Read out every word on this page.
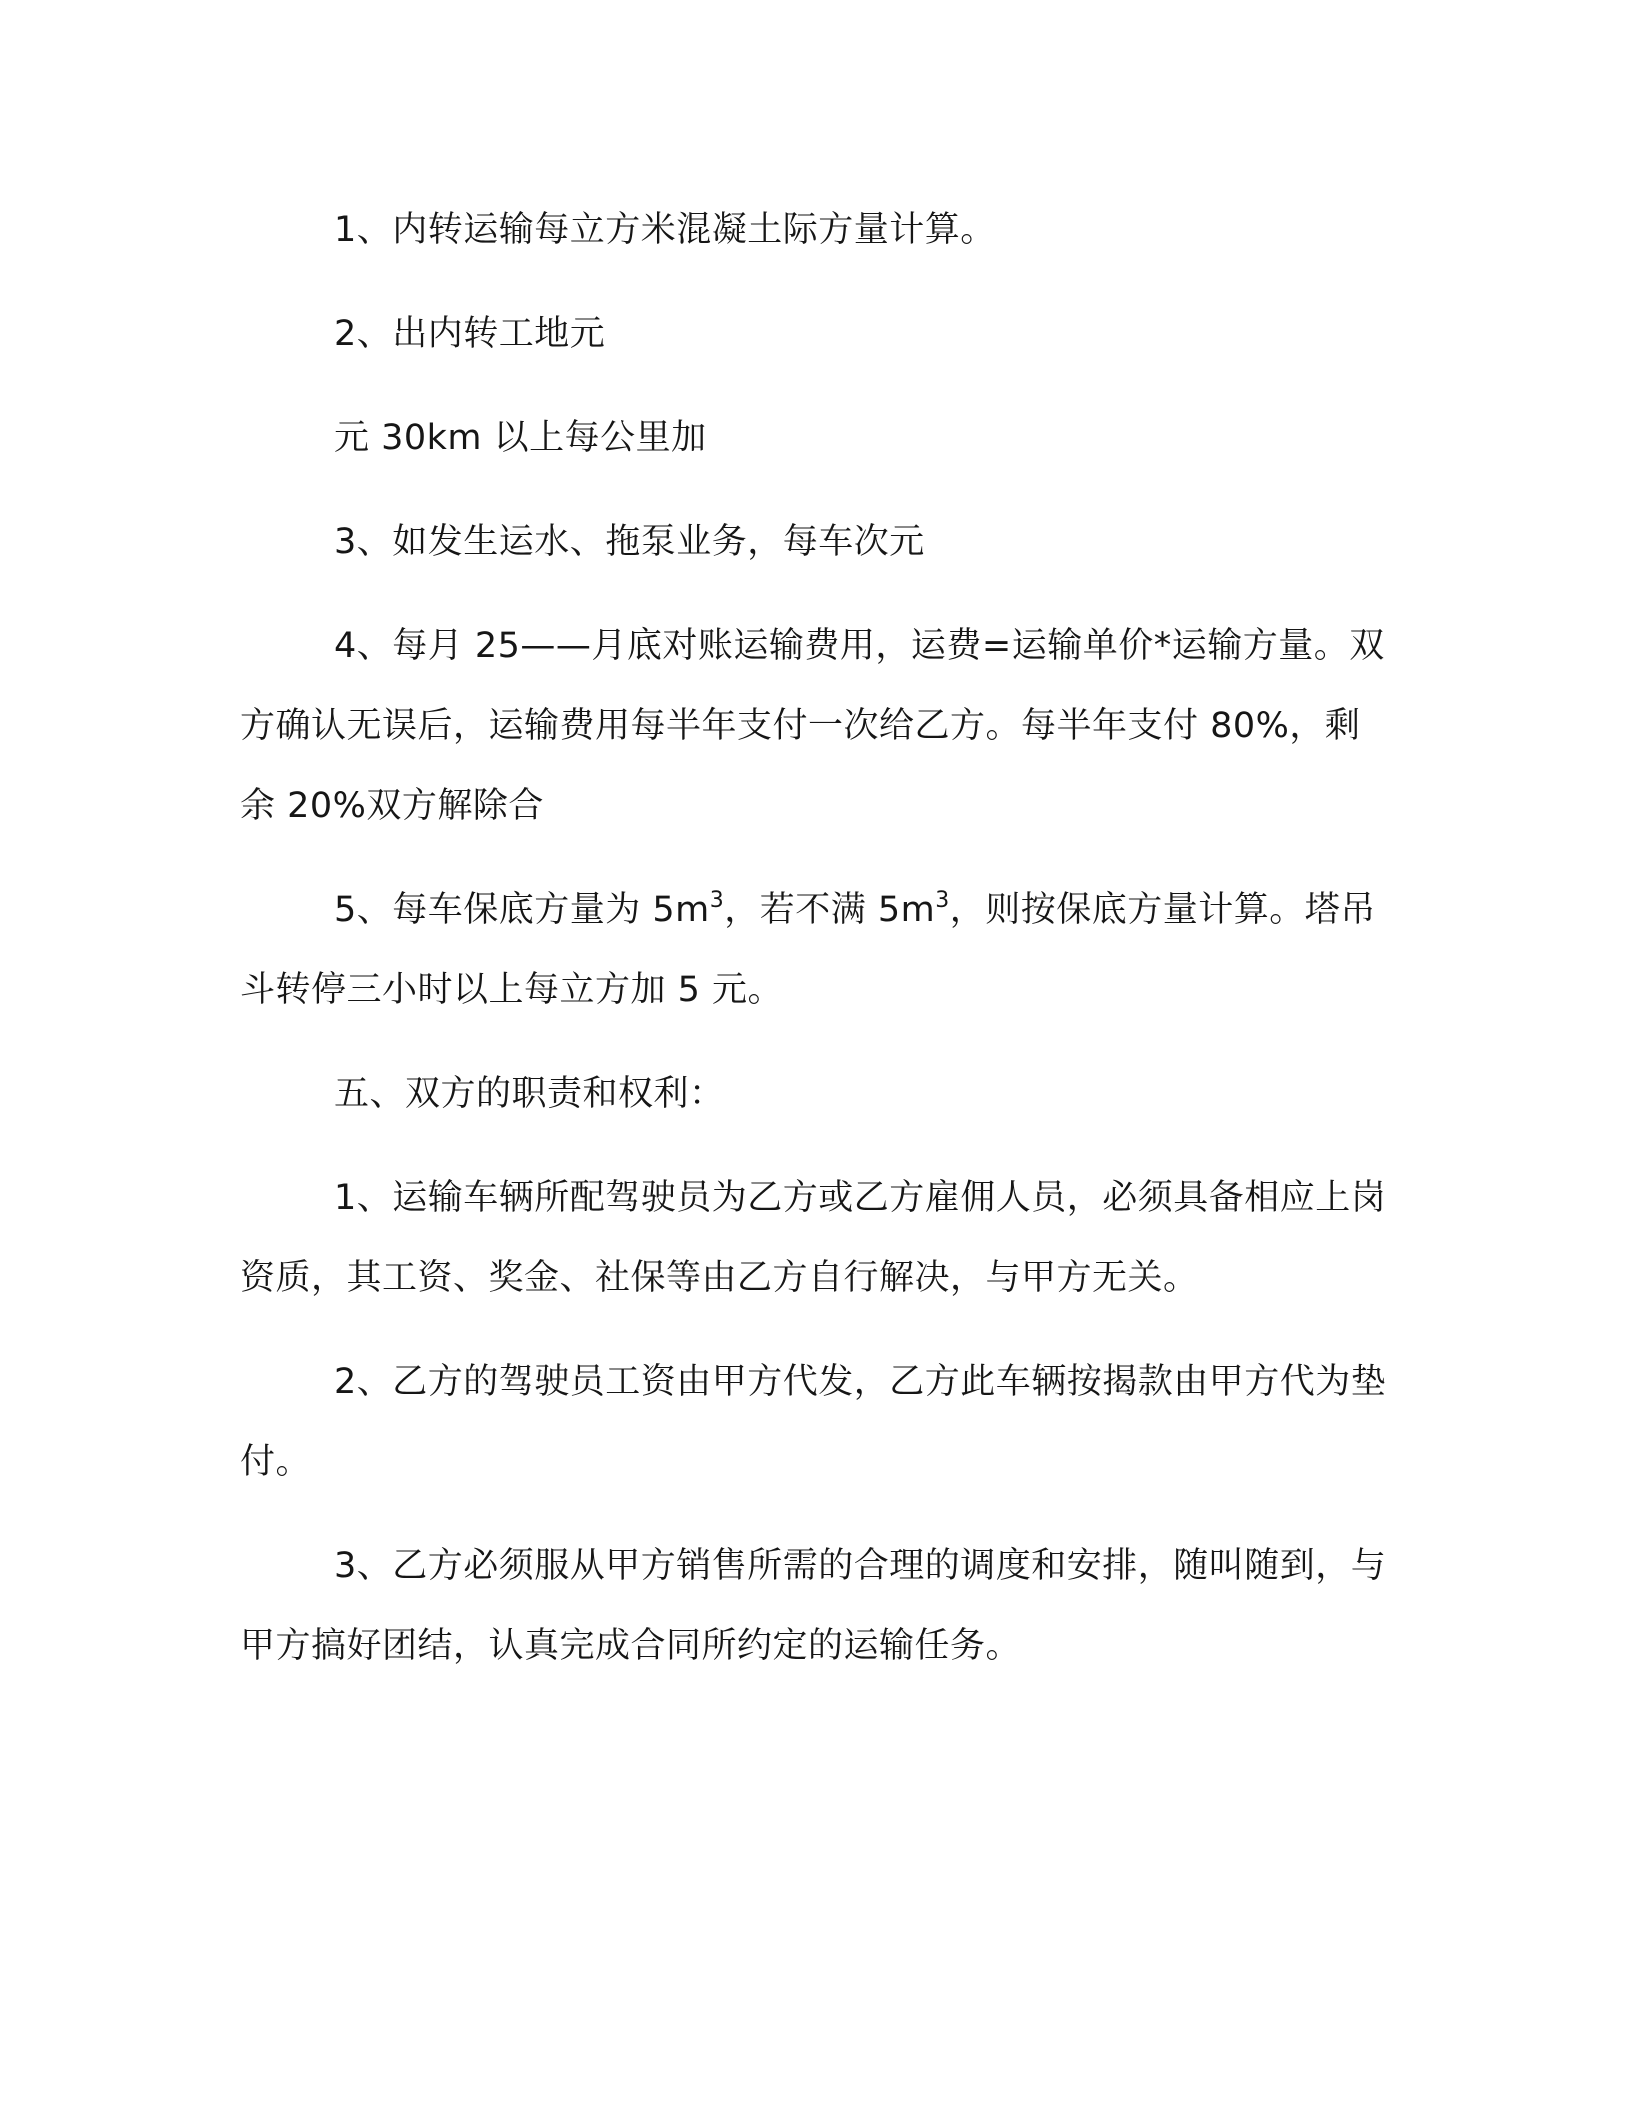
1、内转运输每立方米混凝土际方量计算。

2、出内转工地元

元 30km 以上每公里加

3、如发生运水、拖泵业务，每车次元

4、每月 25——月底对账运输费用，运费=运输单价*运输方量。双方确认无误后，运输费用每半年支付一次给乙方。每半年支付 80%，剩余 20%双方解除合

5、每车保底方量为 $5m^3$，若不满 $5m^3$，则按保底方量计算。塔吊斗转停三小时以上每立方加 5 元。

五、双方的职责和权利：

1、运输车辆所配驾驶员为乙方或乙方雇佣人员，必须具备相应上岗资质，其工资、奖金、社保等由乙方自行解决，与甲方无关。

2、乙方的驾驶员工资由甲方代发，乙方此车辆按揭款由甲方代为垫付。

3、乙方必须服从甲方销售所需的合理的调度和安排，随叫随到，与甲方搞好团结，认真完成合同所约定的运输任务。
